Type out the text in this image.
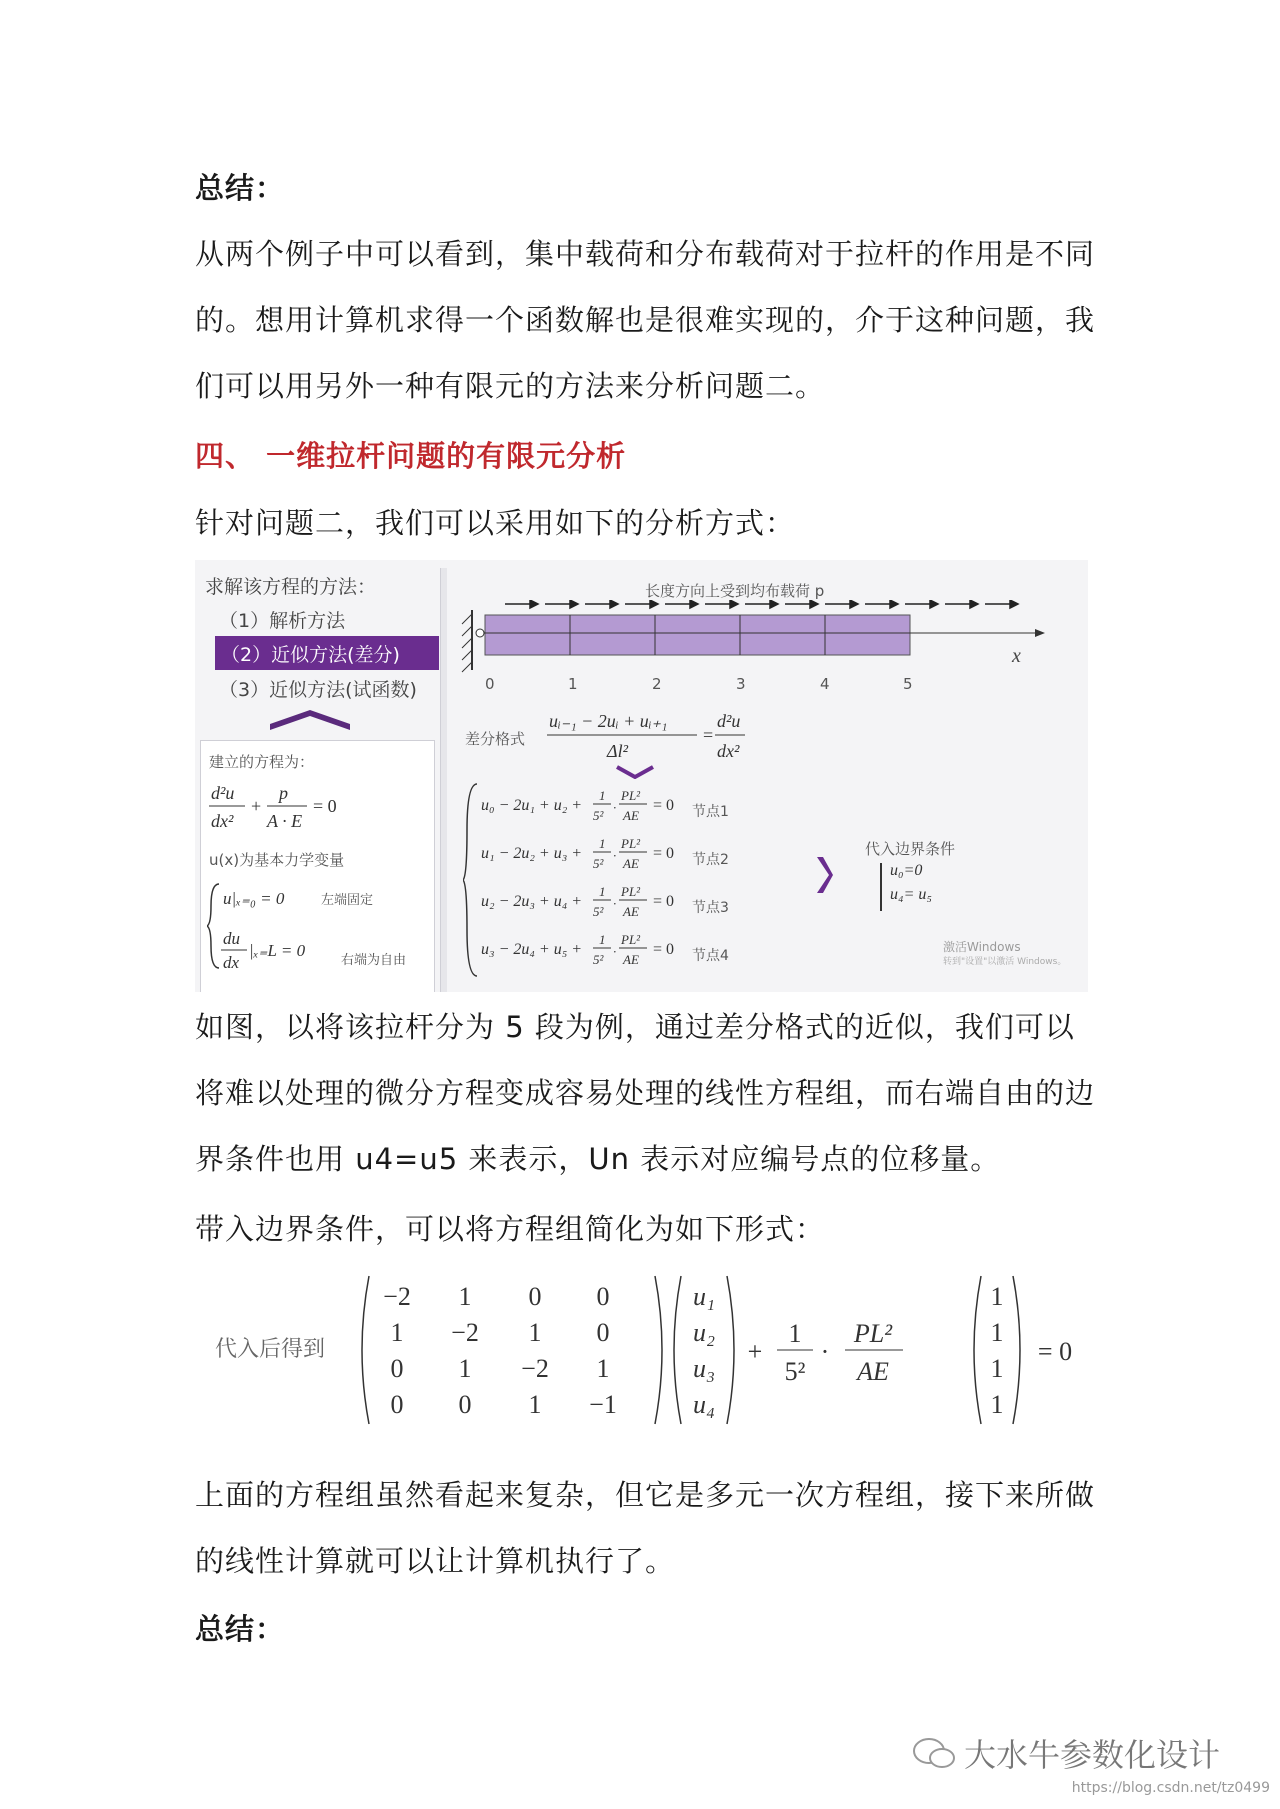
总结：

从两个例子中可以看到，集中载荷和分布载荷对于拉杆的作用是不同的。想用计算机求得一个函数解也是很难实现的，介于这种问题，我们可以用另外一种有限元的方法来分析问题二。

四、 一维拉杆问题的有限元分析

针对问题二，我们可以采用如下的分析方式：

求解该方程的方法：
（1）解析方法
（2）近似方法(差分)
（3）近似方法(试函数)
建立的方程为：
d²u
dx²
+
p
A · E
= 0
u(x)为基本力学变量
u|ₓ₌₀ = 0
du
dx
|ₓ₌L = 0
左端固定
右端为自由
长度方向上受到均布载荷 p
x
0	1	2	3	4	5
差分格式
uᵢ₋₁ − 2uᵢ + uᵢ₊₁
Δl²
=
d²u
dx²
u₀ − 2u₁ + u₂ +
u₁ − 2u₂ + u₃ +
u₂ − 2u₃ + u₄ +
u₃ − 2u₄ + u₅ +
1
5²
·
PL²
AE
1
5²
·
PL²
AE
1
5²
·
PL²
AE
1
5²
·
PL²
AE
= 0
= 0
= 0
= 0
节点1
节点2
节点3
节点4
代入边界条件
u₀=0
u₄= u₅
激活Windows
转到"设置"以激活 Windows。

如图，以将该拉杆分为 5 段为例，通过差分格式的近似，我们可以将难以处理的微分方程变成容易处理的线性方程组，而右端自由的边界条件也用 u4=u5 来表示，Un 表示对应编号点的位移量。

带入边界条件，可以将方程组简化为如下形式：

代入后得到
−2 1 0 0
1 −2 1 0
0 1 −2 1
0 0 1 −1
u₁
u₂
u₃
u₄
+
1
5²
·
PL²
AE
1
1
1
1
= 0

上面的方程组虽然看起来复杂，但它是多元一次方程组，接下来所做的线性计算就可以让计算机执行了。

总结：

大水牛参数化设计
https://blog.csdn.net/tz0499
